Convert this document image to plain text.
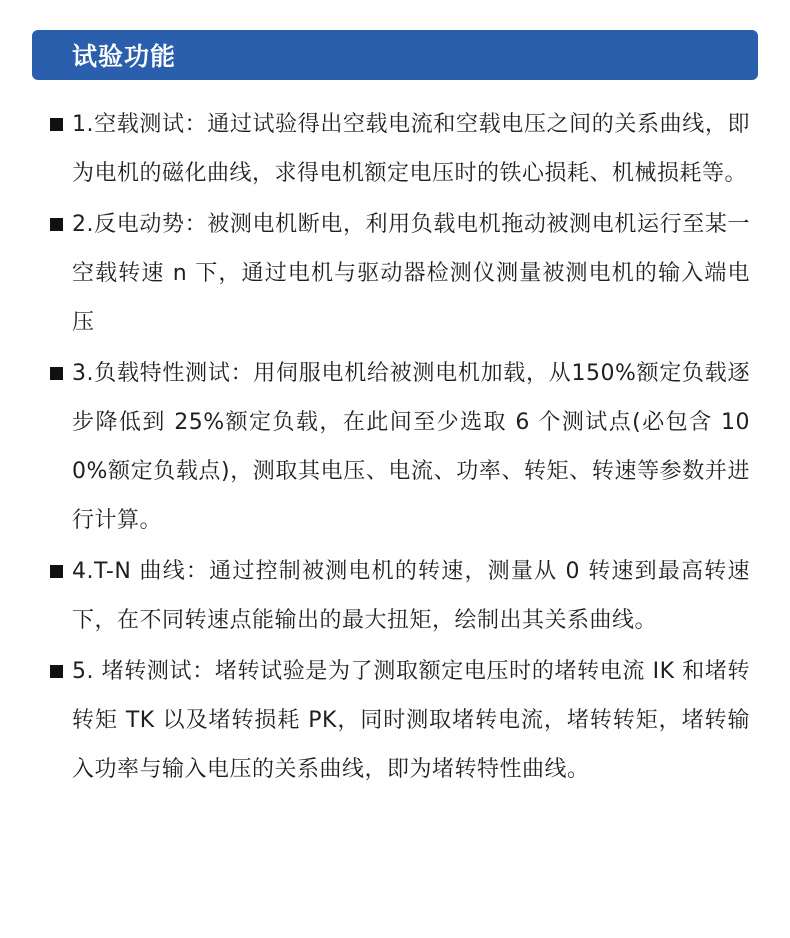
试验功能
1.空载测试：通过试验得出空载电流和空载电压之间的关系曲线，即为电机的磁化曲线，求得电机额定电压时的铁心损耗、机械损耗等。
2.反电动势：被测电机断电，利用负载电机拖动被测电机运行至某一空载转速 n 下，通过电机与驱动器检测仪测量被测电机的输入端电压
3.负载特性测试：用伺服电机给被测电机加载，从150%额定负载逐步降低到 25%额定负载，在此间至少选取 6 个测试点(必包含 100%额定负载点)，测取其电压、电流、功率、转矩、转速等参数并进行计算。
4.T-N 曲线：通过控制被测电机的转速，测量从 0 转速到最高转速下，在不同转速点能输出的最大扭矩，绘制出其关系曲线。
5. 堵转测试：堵转试验是为了测取额定电压时的堵转电流 IK 和堵转转矩 TK 以及堵转损耗 PK，同时测取堵转电流，堵转转矩，堵转输入功率与输入电压的关系曲线，即为堵转特性曲线。
